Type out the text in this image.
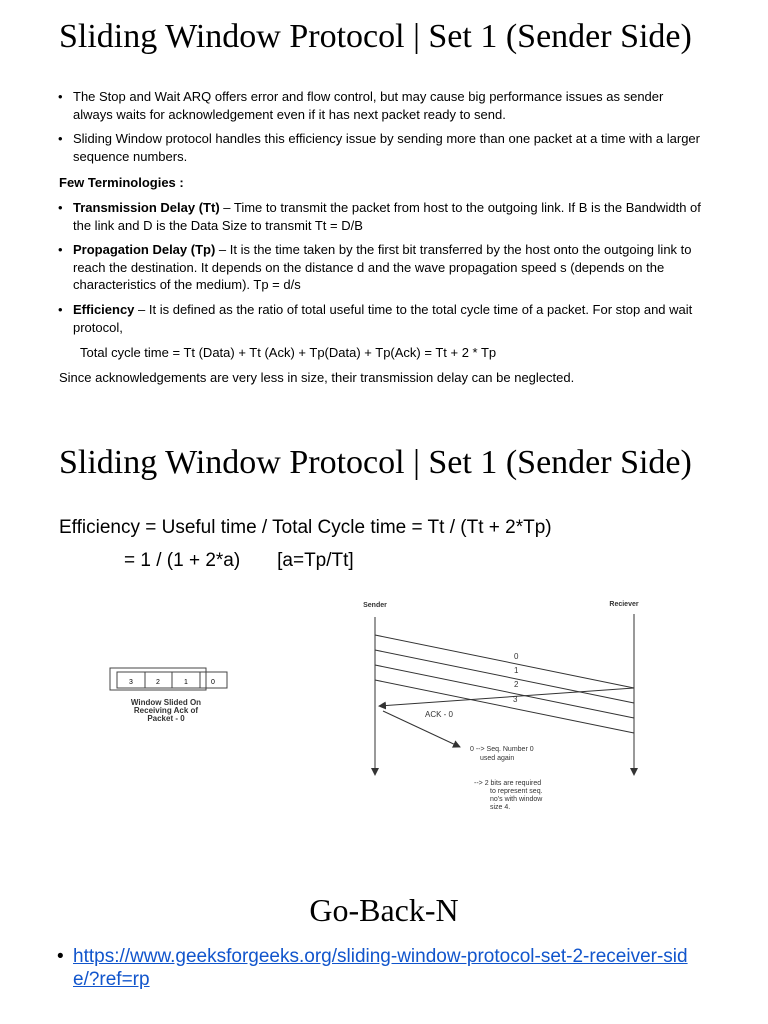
Sliding Window Protocol | Set 1 (Sender Side)
• The Stop and Wait ARQ offers error and flow control, but may cause big performance issues as sender always waits for acknowledgement even if it has next packet ready to send.
• Sliding Window protocol handles this efficiency issue by sending more than one packet at a time with a larger sequence numbers.
Few Terminologies :
• Transmission Delay (Tt) – Time to transmit the packet from host to the outgoing link. If B is the Bandwidth of the link and D is the Data Size to transmit Tt = D/B
• Propagation Delay (Tp) – It is the time taken by the first bit transferred by the host onto the outgoing link to reach the destination. It depends on the distance d and the wave propagation speed s (depends on the characteristics of the medium). Tp = d/s
• Efficiency – It is defined as the ratio of total useful time to the total cycle time of a packet. For stop and wait protocol,
Total cycle time = Tt (Data) + Tt (Ack) + Tp(Data) + Tp(Ack) = Tt + 2 * Tp
Since acknowledgements are very less in size, their transmission delay can be neglected.
Sliding Window Protocol | Set 1 (Sender Side)
Efficiency = Useful time / Total Cycle time = Tt / (Tt + 2*Tp)
= 1 / (1 + 2*a)       [a=Tp/Tt]
3	2	1	0
Window Slided On
Receiving Ack of
Packet - 0
Sender	Reciever
0
1
2
3
ACK - 0
0 --> Seq. Number 0
used again
--> 2 bits are required
to represent seq.
no's with window
size 4.
Go-Back-N
• https://www.geeksforgeeks.org/sliding-window-protocol-set-2-receiver-side/?ref=rp
